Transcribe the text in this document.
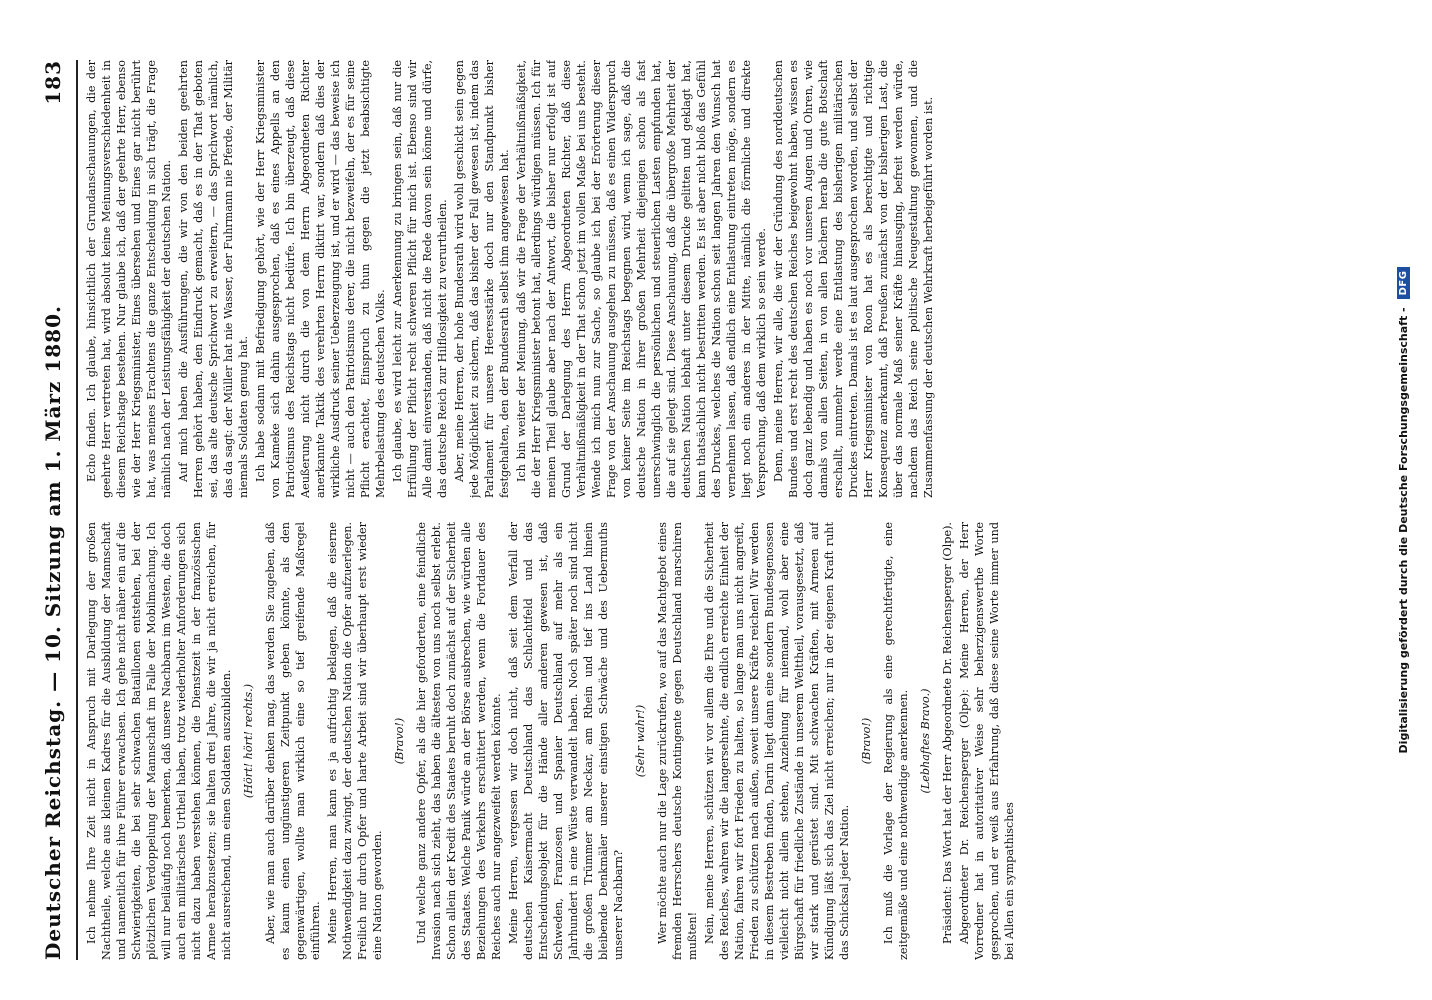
Deutscher Reichstag. — 10. Sitzung am 1. März 1880.
183

Ich nehme Ihre Zeit nicht in Anspruch mit Darlegung der großen Nachtheile, welche aus kleinen Kadres für die Ausbildung der Mannschaft und namentlich für ihre Führer erwachsen. Ich gehe nicht näher ein auf die Schwierigkeiten, die bei sehr schwachen Bataillonen entstehen, bei der plötzlichen Verdoppelung der Mannschaft im Falle der Mobilmachung. Ich will nur beiläufig noch bemerken, daß unsere Nachbarn im Westen, die doch auch ein militärisches Urtheil haben, trotz wiederholter Anforderungen sich nicht dazu haben verstehen können, die Dienstzeit in der französischen Armee herabzusetzen; sie halten drei Jahre, die wir ja nicht erreichen, für nicht ausreichend, um einen Soldaten auszubilden. (Hört! hört! rechts.) Aber, wie man auch darüber denken mag, das werden Sie zugeben, daß es kaum einen ungünstigeren Zeitpunkt geben könnte, als den gegenwärtigen, wollte man wirklich eine so tief greifende Maßregel einführen. Meine Herren, man kann es ja aufrichtig beklagen, daß die eiserne Nothwendigkeit dazu zwingt, der deutschen Nation die Opfer aufzuerlegen. Freilich nur durch Opfer und harte Arbeit sind wir überhaupt erst wieder eine Nation geworden.

(Bravo!) Und welche ganz andere Opfer, als die hier geforderten, eine feindliche Invasion nach sich zieht, das haben die ältesten von uns noch selbst erlebt. Schon allein der Kredit des Staates beruht doch zunächst auf der Sicherheit des Staates. Welche Panik würde an der Börse ausbrechen, wie würden alle Beziehungen des Verkehrs erschüttert werden, wenn die Fortdauer des Reiches auch nur angezweifelt werden könnte. Meine Herren, vergessen wir doch nicht, daß seit dem Verfall der deutschen Kaisermacht Deutschland das Schlachtfeld und das Entscheidungsobjekt für die Hände aller anderen gewesen ist, daß Schweden, Franzosen und Spanier Deutschland auf mehr als ein Jahrhundert in eine Wüste verwandelt haben. Noch später noch sind nicht die großen Trümmer am Neckar, am Rhein und tief ins Land hinein bleibende Denkmäler unserer einstigen Schwäche und des Uebermuths unserer Nachbarn?

(Sehr wahr!) Wer möchte auch nur die Lage zurückrufen, wo auf das Machtgebot eines fremden Herrschers deutsche Kontingente gegen Deutschland marschiren mußten! Nein, meine Herren, schützen wir vor allem die Ehre und die Sicherheit des Reiches, wahren wir die langersehnte, die endlich erreichte Einheit der Nation, fahren wir fort Frieden zu halten, so lange man uns nicht angreift, Frieden zu schützen nach außen, soweit unsere Kräfte reichen! Wir werden in diesem Bestreben finden, Darin liegt dann eine sondern Bundesgenossen vielleicht nicht allein stehen, Anziehung für niemand, wohl aber eine Bürgschaft für friedliche Zustände in unserem Welttheil, vorausgesetzt, daß wir stark und gerüstet sind. Mit schwachen Kräften, mit Armeen auf Kündigung läßt sich das Ziel nicht erreichen; nur in der eigenen Kraft ruht das Schicksal jeder Nation.

(Bravo!) Ich muß die Vorlage der Regierung als eine gerechtfertigte, eine zeitgemäße und eine nothwendige anerkennen. (Lebhaftes Bravo.) Präsident: Das Wort hat der Herr Abgeordnete Dr. Reichensperger (Olpe). Abgeordneter Dr. Reichensperger (Olpe): Meine Herren, der Herr Vorredner hat in autoritativer Weise sehr beherzigenswerthe Worte gesprochen, und er weiß aus Erfahrung, daß diese seine Worte immer und bei Allen ein sympathisches

Echo finden. Ich glaube, hinsichtlich der Grundanschauungen, die der geehrte Herr vertreten hat, wird absolut keine Meinungsverschiedenheit in diesem Reichstage bestehen. Nur glaube ich, daß der geehrte Herr, ebenso wie der Herr Kriegsminister, Eines übersehen und Eines gar nicht berührt hat, was meines Erachtens die ganze Entscheidung in sich trägt, die Frage nämlich nach der Leistungsfähigkeit der deutschen Nation. Auf mich haben die Ausführungen, die wir von den beiden geehrten Herren gehört haben, den Eindruck gemacht, daß es in der That geboten sei, das alte deutsche Sprichwort zu erweitern, — das Sprichwort nämlich, das da sagt: der Müller hat nie Wasser, der Fuhrmann nie Pferde, der Militär niemals Soldaten genug hat. Ich habe sodann mit Befriedigung gehört, wie der Herr Kriegsminister von Kameke sich dahin ausgesprochen, daß es eines Appells an den Patriotismus des Reichstags nicht bedürfe. Ich bin überzeugt, daß diese Aeußerung nicht durch die von dem Herrn Abgeordneten Richter anerkannte Taktik des verehrten Herrn diktirt war, sondern daß dies der wirkliche Ausdruck seiner Ueberzeugung ist, und er wird — das beweise ich nicht — auch den Patriotismus derer, die nicht bezweifeln, der es für seine Pflicht erachtet, Einspruch zu thun gegen die jetzt beabsichtigte Mehrbelastung des deutschen Volks. Ich glaube, es wird leicht zur Anerkennung zu bringen sein, daß nur die Erfüllung der Pflicht recht schweren Pflicht für mich ist. Ebenso sind wir Alle damit einverstanden, daß nicht die Rede davon sein könne und dürfe, das deutsche Reich zur Hilflosigkeit zu verurtheilen. Aber, meine Herren, der hohe Bundesrath wird wohl geschickt sein gegen jede Möglichkeit zu sichern, daß das bisher der Fall gewesen ist, indem das Parlament für unsere Heeresstärke doch nur den Standpunkt bisher festgehalten, den der Bundesrath selbst ihm angewiesen hat. Ich bin weiter der Meinung, daß wir die Frage der Verhältnißmäßigkeit, die der Herr Kriegsminister betont hat, allerdings würdigen müssen. Ich für meinen Theil glaube aber nach der Antwort, die bisher nur erfolgt ist auf Grund der Darlegung des Herrn Abgeordneten Richter, daß diese Verhältnißmäßigkeit in der That schon jetzt im vollen Maße bei uns besteht. Wende ich mich nun zur Sache, so glaube ich bei der Erörterung dieser Frage von der Anschauung ausgehen zu müssen, daß es einen Widerspruch von keiner Seite im Reichstags begegnen wird, wenn ich sage, daß die deutsche Nation in ihrer großen Mehrheit diejenigen schon als fast unerschwinglich die persönlichen und steuerlichen Lasten empfunden hat, die auf sie gelegt sind. Diese Anschauung, daß die übergroße Mehrheit der deutschen Nation lebhaft unter diesem Drucke gelitten und geklagt hat, kann thatsächlich nicht bestritten werden. Es ist aber nicht bloß das Gefühl des Druckes, welches die Nation schon seit langen Jahren den Wunsch hat vernehmen lassen, daß endlich eine Entlastung eintreten möge, sondern es liegt noch ein anderes in der Mitte, nämlich die förmliche und direkte Versprechung, daß dem wirklich so sein werde. Denn, meine Herren, wir alle, die wir der Gründung des norddeutschen Bundes und erst recht des deutschen Reiches beigewohnt haben, wissen es doch ganz lebendig und haben es noch vor unseren Augen und Ohren, wie damals von allen Seiten, in von allen Dächern herab die gute Botschaft erschallt, nunmehr werde eine Entlastung des bisherigen militärischen Druckes eintreten. Damals ist es laut ausgesprochen worden, und selbst der Herr Kriegsminister von Roon hat es als berechtigte und richtige Konsequenz anerkannt, daß Preußen zunächst von der bisherigen Last, die über das normale Maß seiner Kräfte hinausging, befreit werden würde, nachdem das Reich seine politische Neugestaltung gewonnen, und die Zusammenfassung der deutschen Wehrkraft herbeigeführt worden ist.

Digitalisierung gefördert durch die Deutsche Forschungsgemeinschaft -
DFG
